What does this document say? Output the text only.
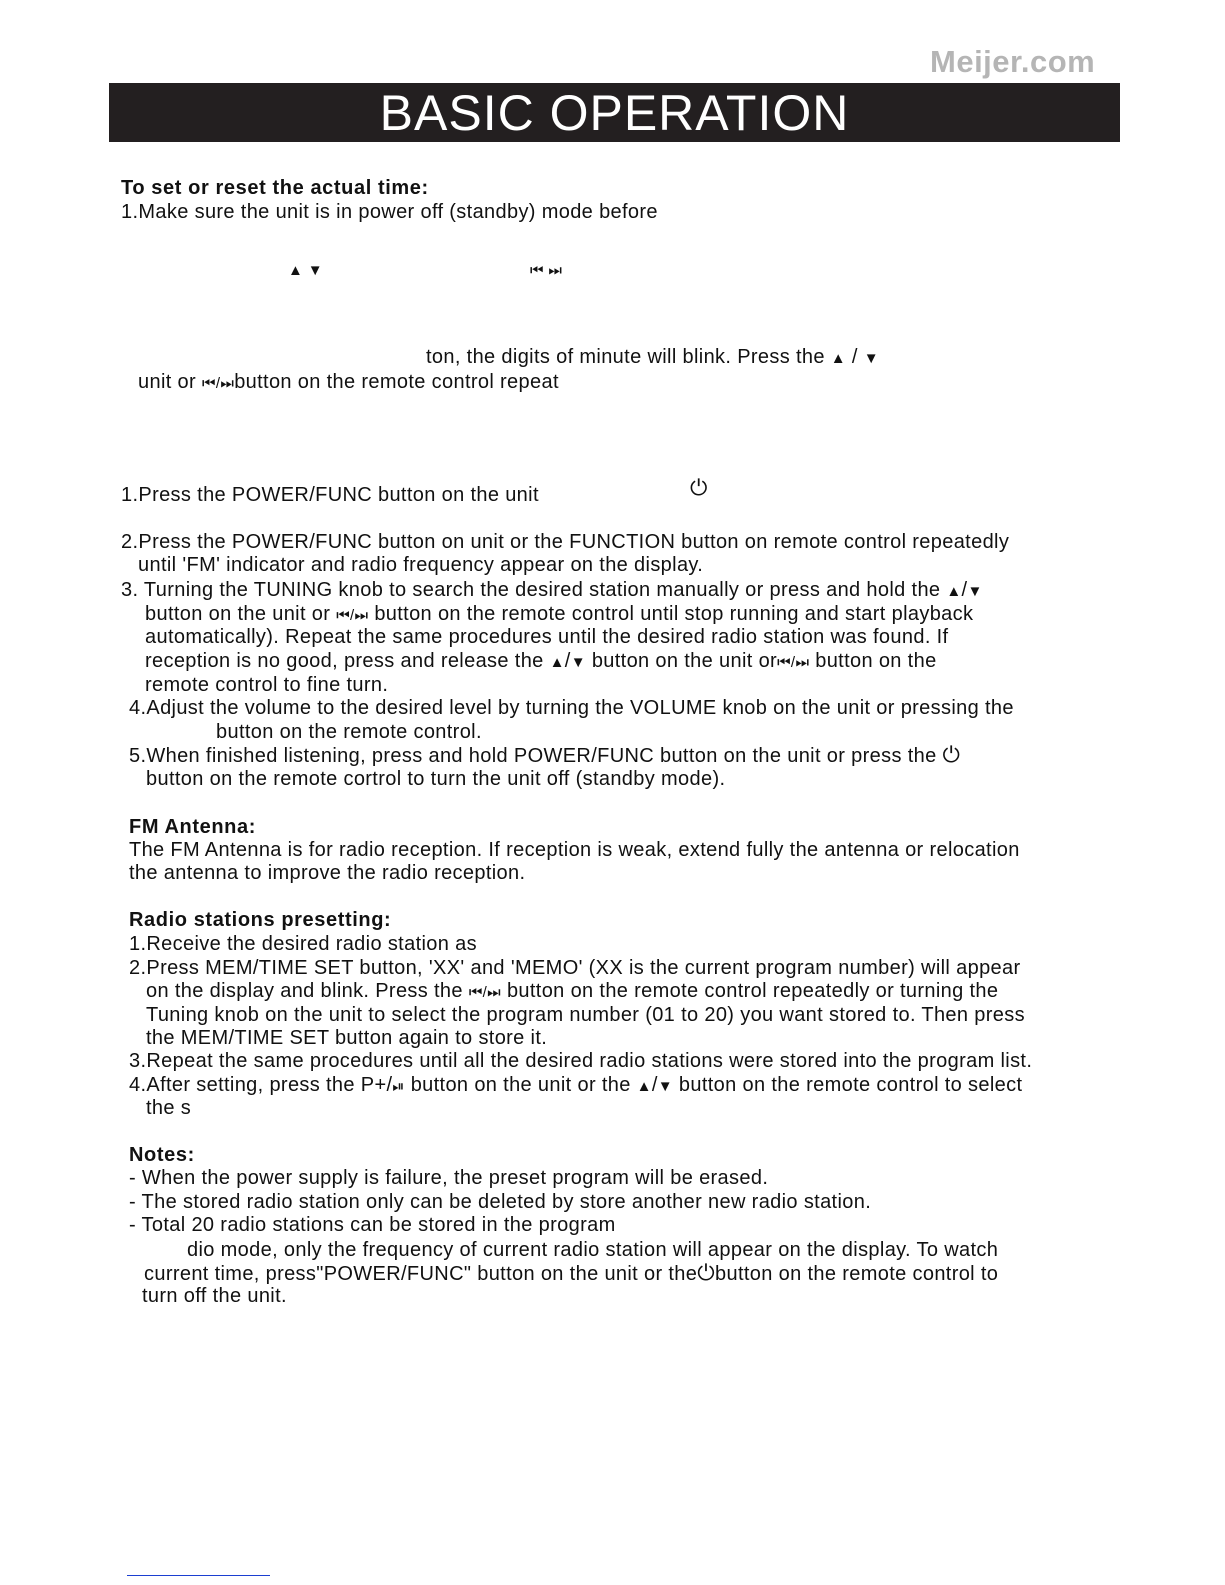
Meijer.com
BASIC OPERATION
To set or reset the actual time:
1.Make sure the unit is in power off (standby) mode before
▲ ▼	⏮ ⏭
ton, the digits of minute will blink. Press the ▲ / ▼
unit or ⏮/⏭button on the remote control repeat
1.Press the POWER/FUNC button on the unit	⏻
2.Press the POWER/FUNC button on unit or the FUNCTION button on remote control repeatedly
until 'FM' indicator and radio frequency appear on the display.
3. Turning the TUNING knob to search the desired station manually or press and hold the ▲/▼
button on the unit or ⏮/⏭ button on the remote control until stop running and start playback
automatically). Repeat the same procedures until the desired radio station was found. If
reception is no good, press and release the ▲/▼ button on the unit or⏮/⏭ button on the
remote control to fine turn.
4.Adjust the volume to the desired level by turning the VOLUME knob on the unit or pressing the
button on the remote control.
5.When finished listening, press and hold POWER/FUNC button on the unit or press the ⏻
button on the remote cortrol to turn the unit off (standby mode).
FM Antenna:
The FM Antenna is for radio reception. If reception is weak, extend fully the antenna or relocation
the antenna to improve the radio reception.
Radio stations presetting:
1.Receive the desired radio station as
2.Press MEM/TIME SET button, 'XX' and 'MEMO' (XX is the current program number) will appear
on the display and blink. Press the ⏮/⏭ button on the remote control repeatedly or turning the
Tuning knob on the unit to select the program number (01 to 20) you want stored to. Then press
the MEM/TIME SET button again to store it.
3.Repeat the same procedures until all the desired radio stations were stored into the program list.
4.After setting, press the P+/⏯ button on the unit or the ▲/▼ button on the remote control to select
the s
Notes:
- When the power supply is failure, the preset program will be erased.
- The stored radio station only can be deleted by store another new radio station.
- Total 20 radio stations can be stored in the program
dio mode, only the frequency of current radio station will appear on the display. To watch
current time, press"POWER/FUNC" button on the unit or the⏻button on the remote control to
turn off the unit.
